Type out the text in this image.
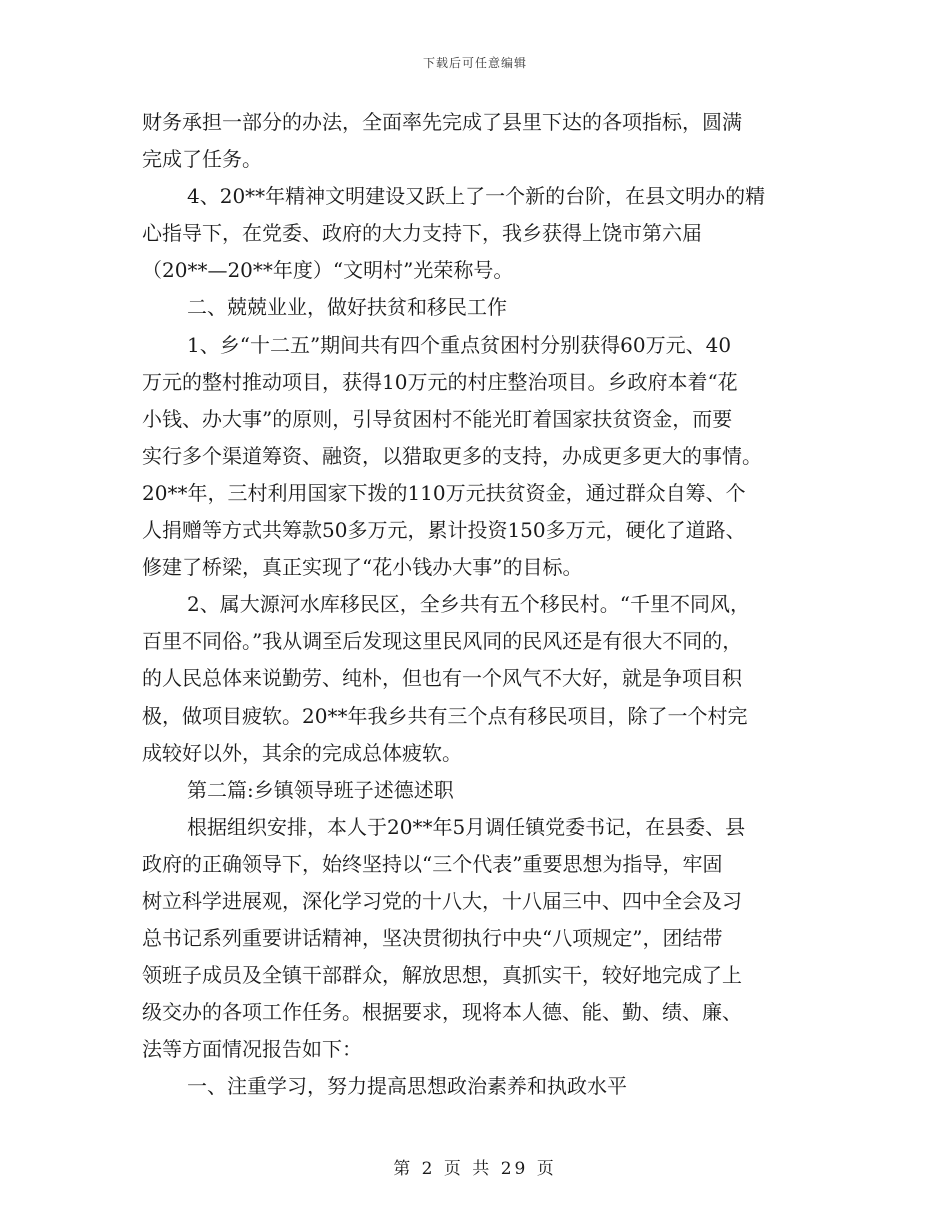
下载后可任意编辑
财务承担一部分的办法，全面率先完成了县里下达的各项指标，圆满
完成了任务。
4、20**年精神文明建设又跃上了一个新的台阶，在县文明办的精
心指导下，在党委、政府的大力支持下，我乡获得上饶市第六届
（20**—20**年度）“文明村”光荣称号。
二、兢兢业业，做好扶贫和移民工作
1、乡“十二五”期间共有四个重点贫困村分别获得60万元、40
万元的整村推动项目，获得10万元的村庄整治项目。乡政府本着“花
小钱、办大事”的原则，引导贫困村不能光盯着国家扶贫资金，而要
实行多个渠道筹资、融资，以猎取更多的支持，办成更多更大的事情。
20**年，三村利用国家下拨的110万元扶贫资金，通过群众自筹、个
人捐赠等方式共筹款50多万元，累计投资150多万元，硬化了道路、
修建了桥梁，真正实现了“花小钱办大事”的目标。
2、属大源河水库移民区，全乡共有五个移民村。“千里不同风，
百里不同俗。”我从调至后发现这里民风同的民风还是有很大不同的，
的人民总体来说勤劳、纯朴，但也有一个风气不大好，就是争项目积
极，做项目疲软。20**年我乡共有三个点有移民项目，除了一个村完
成较好以外，其余的完成总体疲软。
第二篇:乡镇领导班子述德述职
根据组织安排，本人于20**年5月调任镇党委书记，在县委、县
政府的正确领导下，始终坚持以“三个代表”重要思想为指导，牢固
树立科学进展观，深化学习党的十八大，十八届三中、四中全会及习
总书记系列重要讲话精神，坚决贯彻执行中央“八项规定”，团结带
领班子成员及全镇干部群众，解放思想，真抓实干，较好地完成了上
级交办的各项工作任务。根据要求，现将本人德、能、勤、绩、廉、
法等方面情况报告如下：
一、注重学习，努力提高思想政治素养和执政水平
第 2 页 共 29 页
